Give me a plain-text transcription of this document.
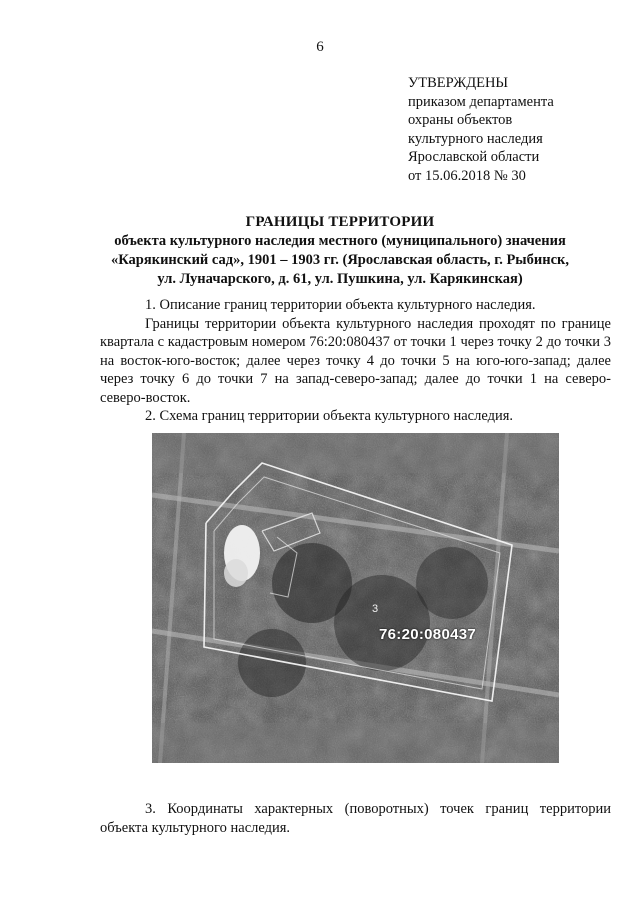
6
УТВЕРЖДЕНЫ
приказом департамента
охраны объектов
культурного наследия
Ярославской области
от 15.06.2018 № 30
ГРАНИЦЫ ТЕРРИТОРИИ
объекта культурного наследия местного (муниципального) значения
«Карякинский сад», 1901 – 1903 гг. (Ярославская область, г. Рыбинск,
ул. Луначарского, д. 61, ул. Пушкина, ул. Карякинская)

1. Описание границ территории объекта культурного наследия.

Границы территории объекта культурного наследия проходят по границе квартала с кадастровым номером 76:20:080437 от точки 1 через точку 2 до точки 3 на восток-юго-восток; далее через точку 4 до точки 5 на юго-юго-запад; далее через точку 6 до точки 7 на запад-северо-запад; далее до точки 1 на северо-северо-восток.

2. Схема границ территории объекта культурного наследия.

3
76:20:080437

3. Координаты характерных (поворотных) точек границ территории объекта культурного наследия.
